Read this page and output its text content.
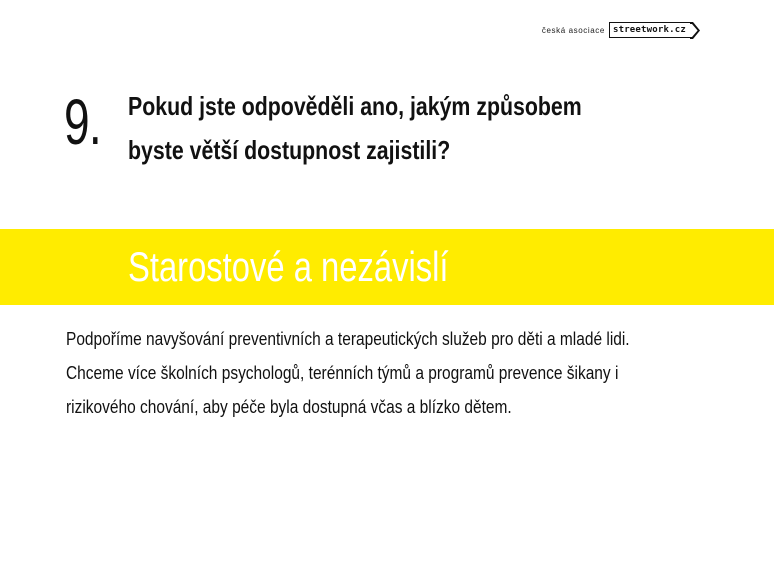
česká asociace streetwork.cz
9. Pokud jste odpověděli ano, jakým způsobem
byste větší dostupnost zajistili?
Starostové a nezávislí

Podpoříme navyšování preventivních a terapeutických služeb pro děti a mladé lidi.

Chceme více školních psychologů, terénních týmů a programů prevence šikany i

rizikového chování, aby péče byla dostupná včas a blízko dětem.
